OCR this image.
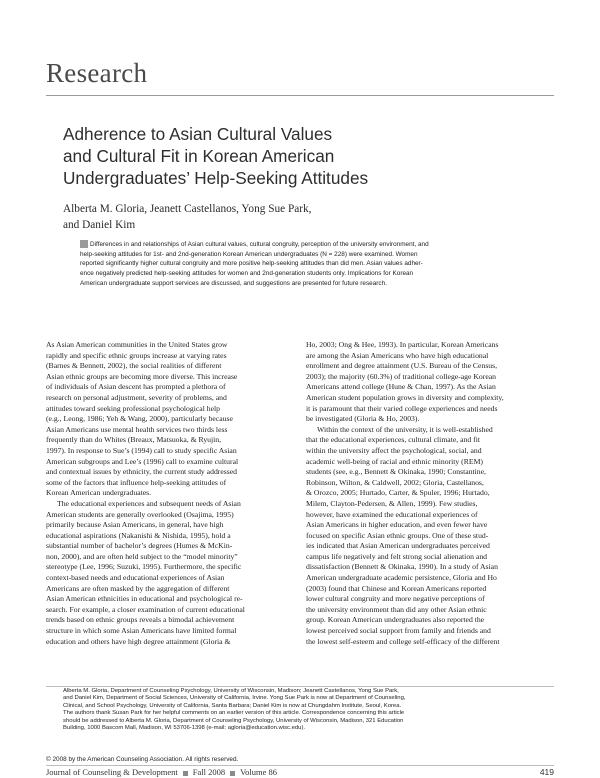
Research
Adherence to Asian Cultural Values
and Cultural Fit in Korean American
Undergraduates’ Help-Seeking Attitudes
Alberta M. Gloria, Jeanett Castellanos, Yong Sue Park,
and Daniel Kim
Differences in and relationships of Asian cultural values, cultural congruity, perception of the university environment, and
help-seeking attitudes for 1st- and 2nd-generation Korean American undergraduates (N = 228) were examined. Women
reported significantly higher cultural congruity and more positive help-seeking attitudes than did men. Asian values adher-
ence negatively predicted help-seeking attitudes for women and 2nd-generation students only. Implications for Korean
American undergraduate support services are discussed, and suggestions are presented for future research.
As Asian American communities in the United States grow
rapidly and specific ethnic groups increase at varying rates
(Barnes & Bennett, 2002), the social realities of different
Asian ethnic groups are becoming more diverse. This increase
of individuals of Asian descent has prompted a plethora of
research on personal adjustment, severity of problems, and
attitudes toward seeking professional psychological help
(e.g., Leong, 1986; Yeh & Wang, 2000), particularly because
Asian Americans use mental health services two thirds less
frequently than do Whites (Breaux, Matsuoka, & Ryujin,
1997). In response to Sue’s (1994) call to study specific Asian
American subgroups and Lee’s (1996) call to examine cultural
and contextual issues by ethnicity, the current study addressed
some of the factors that influence help-seeking attitudes of
Korean American undergraduates.
The educational experiences and subsequent needs of Asian
American students are generally overlooked (Osajima, 1995)
primarily because Asian Americans, in general, have high
educational aspirations (Nakanishi & Nishida, 1995), hold a
substantial number of bachelor’s degrees (Humes & McKin-
non, 2000), and are often held subject to the “model minority”
stereotype (Lee, 1996; Suzuki, 1995). Furthermore, the specific
context-based needs and educational experiences of Asian
Americans are often masked by the aggregation of different
Asian American ethnicities in educational and psychological re-
search. For example, a closer examination of current educational
trends based on ethnic groups reveals a bimodal achievement
structure in which some Asian Americans have limited formal
education and others have high degree attainment (Gloria &
Ho, 2003; Ong & Hee, 1993). In particular, Korean Americans
are among the Asian Americans who have high educational
enrollment and degree attainment (U.S. Bureau of the Census,
2003); the majority (60.3%) of traditional college-age Korean
Americans attend college (Hune & Chan, 1997). As the Asian
American student population grows in diversity and complexity,
it is paramount that their varied college experiences and needs
be investigated (Gloria & Ho, 2003).
Within the context of the university, it is well-established
that the educational experiences, cultural climate, and fit
within the university affect the psychological, social, and
academic well-being of racial and ethnic minority (REM)
students (see, e.g., Bennett & Okinaka, 1990; Constantine,
Robinson, Wilton, & Caldwell, 2002; Gloria, Castellanos,
& Orozco, 2005; Hurtado, Carter, & Spuler, 1996; Hurtado,
Milem, Clayton-Pedersen, & Allen, 1999). Few studies,
however, have examined the educational experiences of
Asian Americans in higher education, and even fewer have
focused on specific Asian ethnic groups. One of these stud-
ies indicated that Asian American undergraduates perceived
campus life negatively and felt strong social alienation and
dissatisfaction (Bennett & Okinaka, 1990). In a study of Asian
American undergraduate academic persistence, Gloria and Ho
(2003) found that Chinese and Korean Americans reported
lower cultural congruity and more negative perceptions of
the university environment than did any other Asian ethnic
group. Korean American undergraduates also reported the
lowest perceived social support from family and friends and
the lowest self-esteem and college self-efficacy of the different
Alberta M. Gloria, Department of Counseling Psychology, University of Wisconsin, Madison; Jeanett Castellanos, Yong Sue Park,
and Daniel Kim, Department of Social Sciences, University of California, Irvine. Yong Sue Park is now at Department of Counseling,
Clinical, and School Psychology, University of California, Santa Barbara; Daniel Kim is now at Chungdahm Institute, Seoul, Korea.
The authors thank Susan Park for her helpful comments on an earlier version of this article. Correspondence concerning this article
should be addressed to Alberta M. Gloria, Department of Counseling Psychology, University of Wisconsin, Madison, 321 Education
Building, 1000 Bascom Mall, Madison, WI 53706-1398 (e-mail: agloria@education.wisc.edu).
© 2008 by the American Counseling Association. All rights reserved.
Journal of Counseling & Development Fall 2008 Volume 86	419
